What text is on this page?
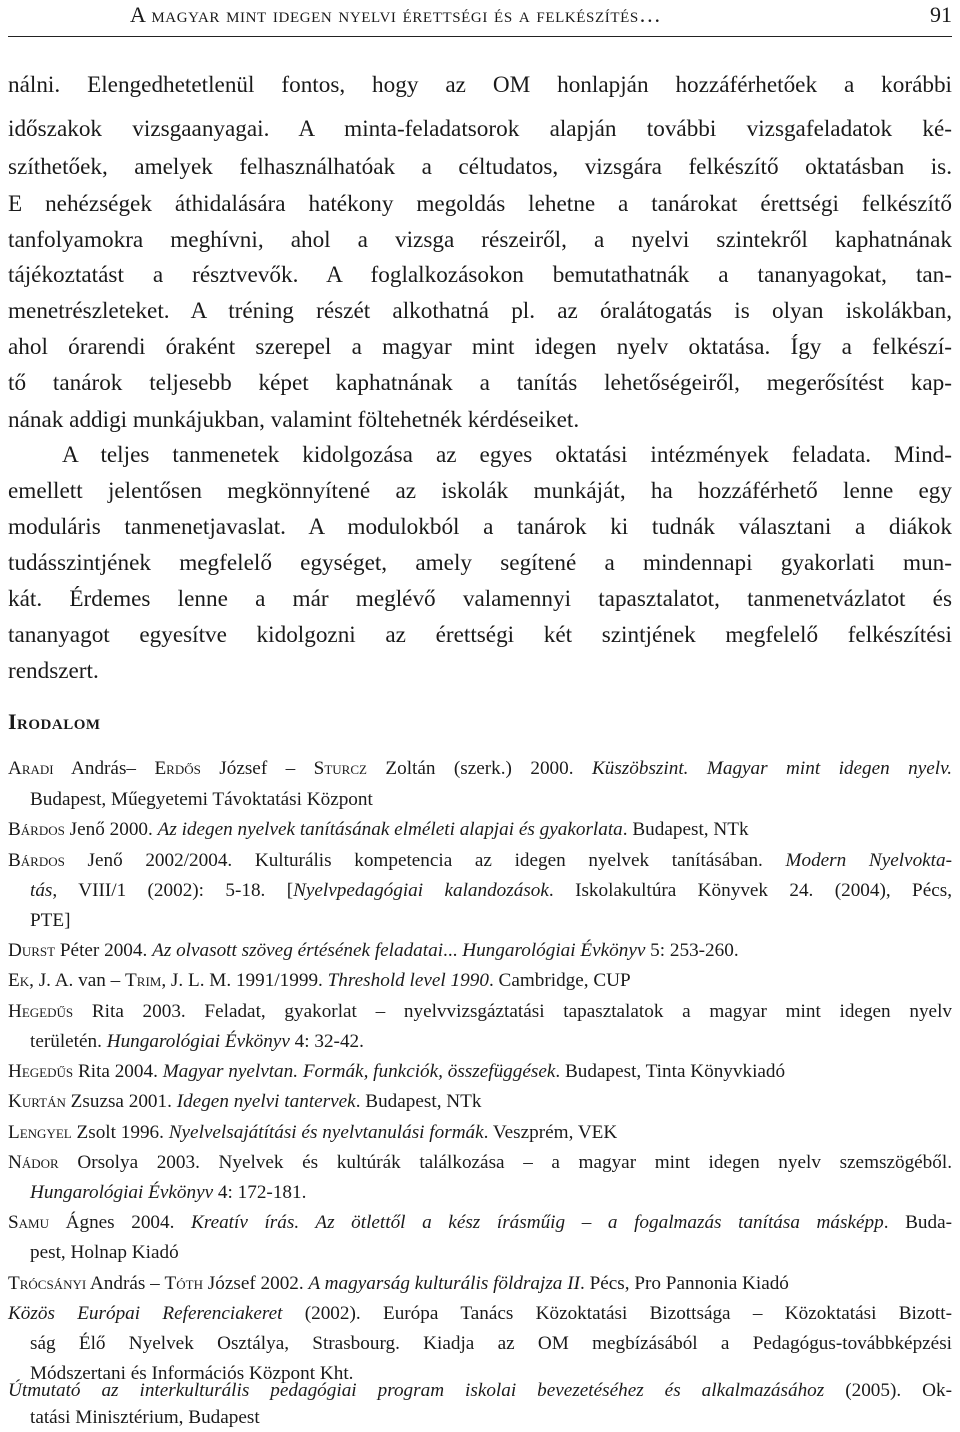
A magyar mint idegen nyelvi érettségi és a felkészítés…	91
nálni. Elengedhetetlenül fontos, hogy az OM honlapján hozzáférhetőek a korábbi
időszakok vizsgaanyagai. A minta-feladatsorok alapján további vizsgafeladatok ké-
szíthetőek, amelyek felhasználhatóak a céltudatos, vizsgára felkészítő oktatásban is.
E nehézségek áthidalására hatékony megoldás lehetne a tanárokat érettségi felkészítő
tanfolyamokra meghívni, ahol a vizsga részeiről, a nyelvi szintekről kaphatnának
tájékoztatást a résztvevők. A foglalkozásokon bemutathatnák a tananyagokat, tan-
menetrészleteket. A tréning részét alkothatná pl. az óralátogatás is olyan iskolákban,
ahol órarendi óraként szerepel a magyar mint idegen nyelv oktatása. Így a felkészí-
tő tanárok teljesebb képet kaphatnának a tanítás lehetőségeiről, megerősítést kap-
nának addigi munkájukban, valamint föltehetnék kérdéseiket.
A teljes tanmenetek kidolgozása az egyes oktatási intézmények feladata. Mind-
emellett jelentősen megkönnyítené az iskolák munkáját, ha hozzáférhető lenne egy
moduláris tanmenetjavaslat. A modulokból a tanárok ki tudnák választani a diákok
tudásszintjének megfelelő egységet, amely segítené a mindennapi gyakorlati mun-
kát. Érdemes lenne a már meglévő valamennyi tapasztalatot, tanmenetvázlatot és
tananyagot egyesítve kidolgozni az érettségi két szintjének megfelelő felkészítési
rendszert.
Irodalom
Aradi András– Erdős József – Sturcz Zoltán (szerk.) 2000. Küszöbszint. Magyar mint idegen nyelv.
Budapest, Műegyetemi Távoktatási Központ
Bárdos Jenő 2000. Az idegen nyelvek tanításának elméleti alapjai és gyakorlata. Budapest, NTk
Bárdos Jenő 2002/2004. Kulturális kompetencia az idegen nyelvek tanításában. Modern Nyelvokta-
tás, VIII/1 (2002): 5-18. [Nyelvpedagógiai kalandozások. Iskolakultúra Könyvek 24. (2004), Pécs,
PTE]
Durst Péter 2004. Az olvasott szöveg értésének feladatai... Hungarológiai Évkönyv 5: 253-260.
Ek, J. A. van – Trim, J. L. M. 1991/1999. Threshold level 1990. Cambridge, CUP
Hegedűs Rita 2003. Feladat, gyakorlat – nyelvvizsgáztatási tapasztalatok a magyar mint idegen nyelv
területén. Hungarológiai Évkönyv 4: 32-42.
Hegedűs Rita 2004. Magyar nyelvtan. Formák, funkciók, összefüggések. Budapest, Tinta Könyvkiadó
Kurtán Zsuzsa 2001. Idegen nyelvi tantervek. Budapest, NTk
Lengyel Zsolt 1996. Nyelvelsajátítási és nyelvtanulási formák. Veszprém, VEK
Nádor Orsolya 2003. Nyelvek és kultúrák találkozása – a magyar mint idegen nyelv szemszögéből.
Hungarológiai Évkönyv 4: 172-181.
Samu Ágnes 2004. Kreatív írás. Az ötlettől a kész írásműig – a fogalmazás tanítása másképp. Buda-
pest, Holnap Kiadó
Trócsányi András – Tóth József 2002. A magyarság kulturális földrajza II. Pécs, Pro Pannonia Kiadó
Közös Európai Referenciakeret (2002). Európa Tanács Közoktatási Bizottsága – Közoktatási Bizott-
ság Élő Nyelvek Osztálya, Strasbourg. Kiadja az OM megbízásából a Pedagógus-továbbképzési
Módszertani és Információs Központ Kht.
Útmutató az interkulturális pedagógiai program iskolai bevezetéséhez és alkalmazásához (2005). Ok-
tatási Minisztérium, Budapest
